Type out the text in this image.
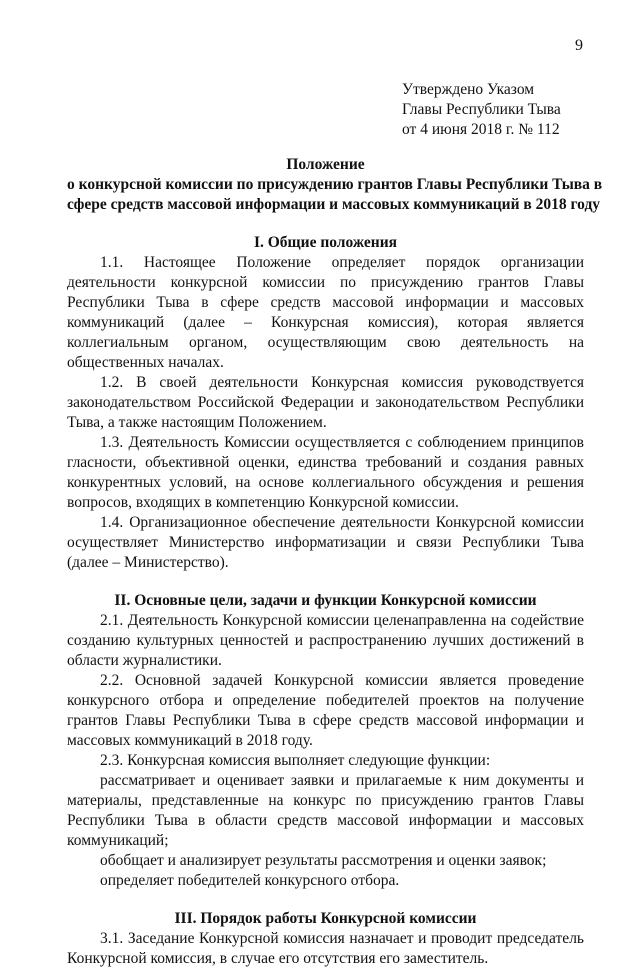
9
Утверждено Указом
Главы Республики Тыва
от 4 июня 2018 г. № 112
Положение
о конкурсной комиссии по присуждению грантов Главы Республики Тыва в
сфере средств массовой информации и массовых коммуникаций в 2018 году
I. Общие положения

1.1. Настоящее Положение определяет порядок организации деятельности конкурсной комиссии по присуждению грантов Главы Республики Тыва в сфере средств массовой информации и массовых коммуникаций (далее – Конкурсная комиссия), которая является коллегиальным органом, осуществляющим свою деятельность на общественных началах.

1.2. В своей деятельности Конкурсная комиссия руководствуется законодательством Российской Федерации и законодательством Республики Тыва, а также настоящим Положением.

1.3. Деятельность Комиссии осуществляется с соблюдением принципов гласности, объективной оценки, единства требований и создания равных конкурентных условий, на основе коллегиального обсуждения и решения вопросов, входящих в компетенцию Конкурсной комиссии.

1.4. Организационное обеспечение деятельности Конкурсной комиссии осуществляет Министерство информатизации и связи Республики Тыва (далее – Министерство).

II. Основные цели, задачи и функции Конкурсной комиссии

2.1. Деятельность Конкурсной комиссии целенаправленна на содействие созданию культурных ценностей и распространению лучших достижений в области журналистики.

2.2. Основной задачей Конкурсной комиссии является проведение конкурсного отбора и определение победителей проектов на получение грантов Главы Республики Тыва в сфере средств массовой информации и массовых коммуникаций в 2018 году.

2.3. Конкурсная комиссия выполняет следующие функции:

рассматривает и оценивает заявки и прилагаемые к ним документы и материалы, представленные на конкурс по присуждению грантов Главы Республики Тыва в области средств массовой информации и массовых коммуникаций;

обобщает и анализирует результаты рассмотрения и оценки заявок;

определяет победителей конкурсного отбора.

III. Порядок работы Конкурсной комиссии

3.1. Заседание Конкурсной комиссия назначает и проводит председатель Конкурсной комиссия, в случае его отсутствия его заместитель.
